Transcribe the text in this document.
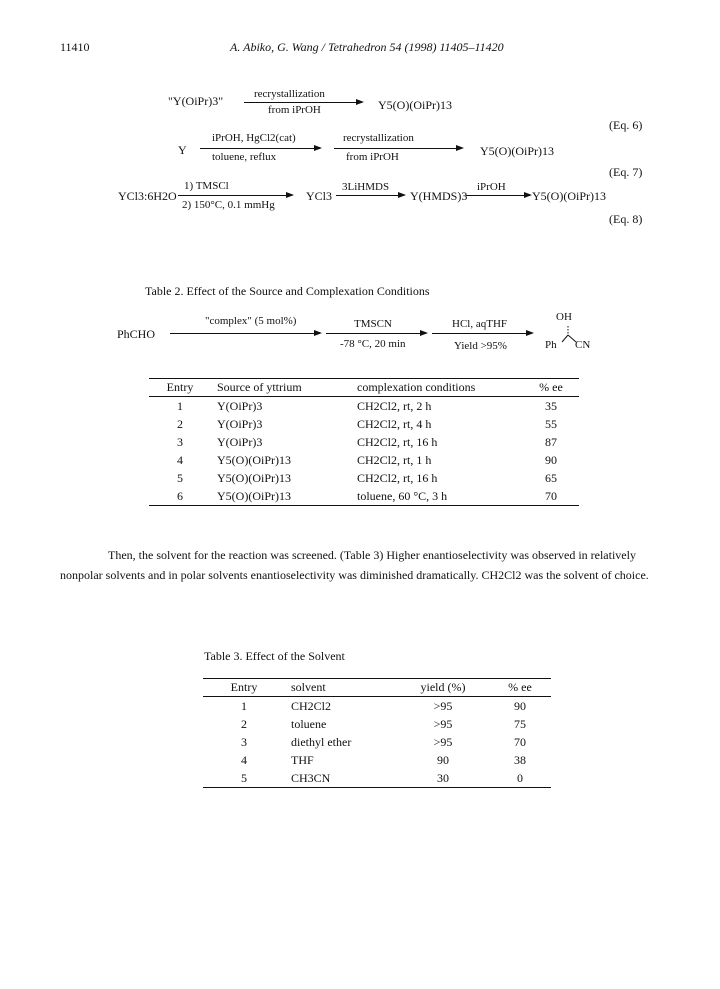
11410	A. Abiko, G. Wang / Tetrahedron 54 (1998) 11405–11420
"Y(OiPr)3"	recrystallization
from iPrOH	Y5(O)(OiPr)13
(Eq. 6)
Y
iPrOH, HgCl2(cat)
toluene, reflux
recrystallization
from iPrOH	Y5(O)(OiPr)13
(Eq. 7)
YCl3:6H2O
1) TMSCl
2) 150°C, 0.1 mmHg
YCl3
3LiHMDS
Y(HMDS)3
iPrOH
Y5(O)(OiPr)13
(Eq. 8)
Table 2. Effect of the Source and Complexation Conditions
PhCHO
"complex" (5 mol%)	TMSCN
-78 °C, 20 min
HCl, aqTHF
Yield >95%
OH
Ph CN
Entry	Source of yttrium	complexation conditions	% ee
1	Y(OiPr)3	CH2Cl2, rt, 2 h	35
2	Y(OiPr)3	CH2Cl2, rt, 4 h	55
3	Y(OiPr)3	CH2Cl2, rt, 16 h	87
4	Y5(O)(OiPr)13	CH2Cl2, rt, 1 h	90
5	Y5(O)(OiPr)13	CH2Cl2, rt, 16 h	65
6	Y5(O)(OiPr)13	toluene, 60 °C, 3 h	70

Then, the solvent for the reaction was screened. (Table 3) Higher enantioselectivity was observed in relatively nonpolar solvents and in polar solvents enantioselectivity was diminished dramatically. CH2Cl2 was the solvent of choice.

Table 3. Effect of the Solvent
Entry	solvent	yield (%)	% ee
1	CH2Cl2	>95	90
2	toluene	>95	75
3	diethyl ether	>95	70
4	THF	90	38
5	CH3CN	30	0
